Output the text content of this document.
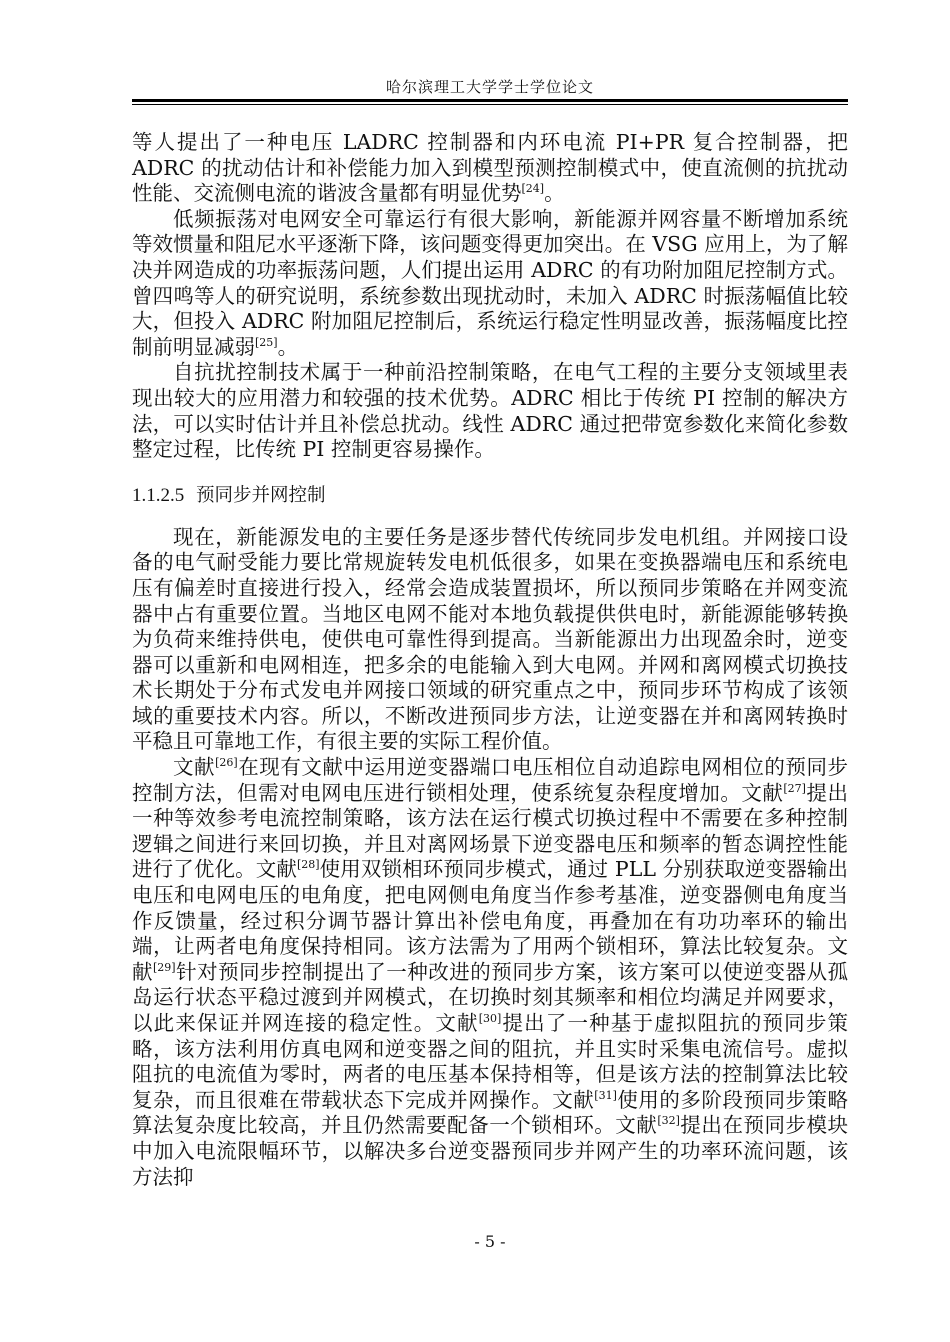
哈尔滨理工大学学士学位论文

等人提出了一种电压 LADRC 控制器和内环电流 PI+PR 复合控制器，把 ADRC 的扰动估计和补偿能力加入到模型预测控制模式中，使直流侧的抗扰动性能、交流侧电流的谐波含量都有明显优势[24]。

低频振荡对电网安全可靠运行有很大影响，新能源并网容量不断增加系统等效惯量和阻尼水平逐渐下降，该问题变得更加突出。在 VSG 应用上，为了解决并网造成的功率振荡问题，人们提出运用 ADRC 的有功附加阻尼控制方式。曾四鸣等人的研究说明，系统参数出现扰动时，未加入 ADRC 时振荡幅值比较大，但投入 ADRC 附加阻尼控制后，系统运行稳定性明显改善，振荡幅度比控制前明显减弱[25]。

自抗扰控制技术属于一种前沿控制策略，在电气工程的主要分支领域里表现出较大的应用潜力和较强的技术优势。ADRC 相比于传统 PI 控制的解决方法，可以实时估计并且补偿总扰动。线性 ADRC 通过把带宽参数化来简化参数整定过程，比传统 PI 控制更容易操作。

1.1.2.5 预同步并网控制

现在，新能源发电的主要任务是逐步替代传统同步发电机组。并网接口设备的电气耐受能力要比常规旋转发电机低很多，如果在变换器端电压和系统电压有偏差时直接进行投入，经常会造成装置损坏，所以预同步策略在并网变流器中占有重要位置。当地区电网不能对本地负载提供供电时，新能源能够转换为负荷来维持供电，使供电可靠性得到提高。当新能源出力出现盈余时，逆变器可以重新和电网相连，把多余的电能输入到大电网。并网和离网模式切换技术长期处于分布式发电并网接口领域的研究重点之中，预同步环节构成了该领域的重要技术内容。所以，不断改进预同步方法，让逆变器在并和离网转换时平稳且可靠地工作，有很主要的实际工程价值。

文献[26]在现有文献中运用逆变器端口电压相位自动追踪电网相位的预同步控制方法，但需对电网电压进行锁相处理，使系统复杂程度增加。文献[27]提出一种等效参考电流控制策略，该方法在运行模式切换过程中不需要在多种控制逻辑之间进行来回切换，并且对离网场景下逆变器电压和频率的暂态调控性能进行了优化。文献[28]使用双锁相环预同步模式，通过 PLL 分别获取逆变器输出电压和电网电压的电角度，把电网侧电角度当作参考基准，逆变器侧电角度当作反馈量，经过积分调节器计算出补偿电角度，再叠加在有功功率环的输出端，让两者电角度保持相同。该方法需为了用两个锁相环，算法比较复杂。文献[29]针对预同步控制提出了一种改进的预同步方案，该方案可以使逆变器从孤岛运行状态平稳过渡到并网模式，在切换时刻其频率和相位均满足并网要求，以此来保证并网连接的稳定性。文献[30]提出了一种基于虚拟阻抗的预同步策略，该方法利用仿真电网和逆变器之间的阻抗，并且实时采集电流信号。虚拟阻抗的电流值为零时，两者的电压基本保持相等，但是该方法的控制算法比较复杂，而且很难在带载状态下完成并网操作。文献[31]使用的多阶段预同步策略算法复杂度比较高，并且仍然需要配备一个锁相环。文献[32]提出在预同步模块中加入电流限幅环节，以解决多台逆变器预同步并网产生的功率环流问题，该方法抑

- 5 -
